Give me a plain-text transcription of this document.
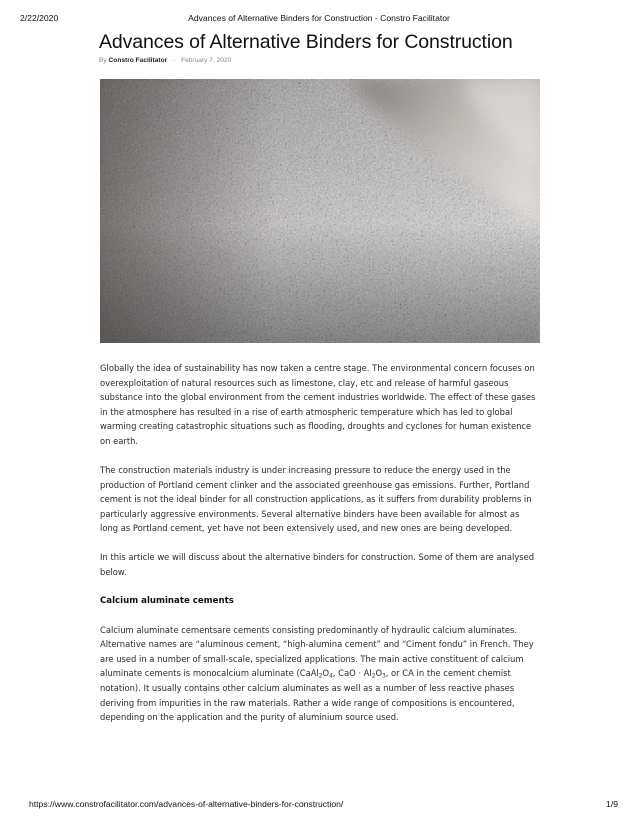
2/22/2020	Advances of Alternative Binders for Construction - Constro Facilitator
Advances of Alternative Binders for Construction
By Constro Facilitator - February 7, 2020

Globally the idea of sustainability has now taken a centre stage. The environmental concern focuses on overexploitation of natural resources such as limestone, clay, etc and release of harmful gaseous substance into the global environment from the cement industries worldwide. The effect of these gases in the atmosphere has resulted in a rise of earth atmospheric temperature which has led to global warming creating catastrophic situations such as flooding, droughts and cyclones for human existence on earth.

The construction materials industry is under increasing pressure to reduce the energy used in the production of Portland cement clinker and the associated greenhouse gas emissions. Further, Portland cement is not the ideal binder for all construction applications, as it suffers from durability problems in particularly aggressive environments. Several alternative binders have been available for almost as long as Portland cement, yet have not been extensively used, and new ones are being developed.

In this article we will discuss about the alternative binders for construction. Some of them are analysed below.

Calcium aluminate cements

Calcium aluminate cementsare cements consisting predominantly of hydraulic calcium aluminates. Alternative names are “aluminous cement, “high-alumina cement” and “Ciment fondu” in French. They are used in a number of small-scale, specialized applications. The main active constituent of calcium aluminate cements is monocalcium aluminate ($CaAl_2O_4$, CaO · $Al_2O_3$, or CA in the cement chemist notation). It usually contains other calcium aluminates as well as a number of less reactive phases deriving from impurities in the raw materials. Rather a wide range of compositions is encountered, depending on the application and the purity of aluminium source used.

https://www.constrofacilitator.com/advances-of-alternative-binders-for-construction/	1/9
